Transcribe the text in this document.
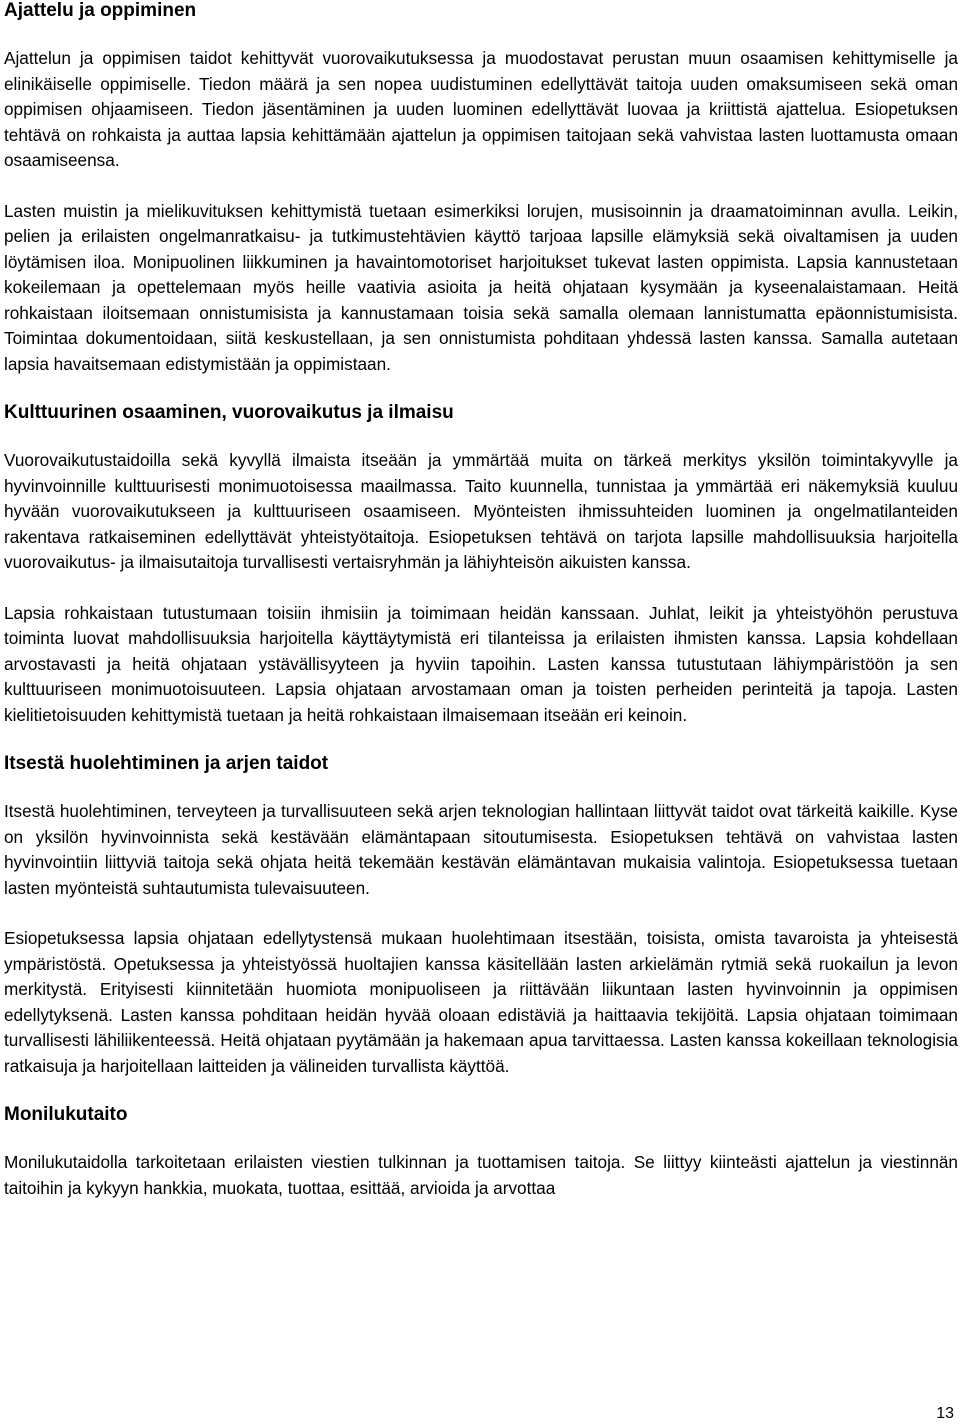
Ajattelu ja oppiminen

Ajattelun ja oppimisen taidot kehittyvät vuorovaikutuksessa ja muodostavat perustan muun osaamisen kehittymiselle ja elinikäiselle oppimiselle. Tiedon määrä ja sen nopea uudistuminen edellyttävät taitoja uuden omaksumiseen sekä oman oppimisen ohjaamiseen. Tiedon jäsentäminen ja uuden luominen edellyttävät luovaa ja kriittistä ajattelua. Esiopetuksen tehtävä on rohkaista ja auttaa lapsia kehittämään ajattelun ja oppimisen taitojaan sekä vahvistaa lasten luottamusta omaan osaamiseensa.

Lasten muistin ja mielikuvituksen kehittymistä tuetaan esimerkiksi lorujen, musisoinnin ja draamatoiminnan avulla. Leikin, pelien ja erilaisten ongelmanratkaisu- ja tutkimustehtävien käyttö tarjoaa lapsille elämyksiä sekä oivaltamisen ja uuden löytämisen iloa. Monipuolinen liikkuminen ja havaintomotoriset harjoitukset tukevat lasten oppimista. Lapsia kannustetaan kokeilemaan ja opettelemaan myös heille vaativia asioita ja heitä ohjataan kysymään ja kyseenalaistamaan. Heitä rohkaistaan iloitsemaan onnistumisista ja kannustamaan toisia sekä samalla olemaan lannistumatta epäonnistumisista. Toimintaa dokumentoidaan, siitä keskustellaan, ja sen onnistumista pohditaan yhdessä lasten kanssa. Samalla autetaan lapsia havaitsemaan edistymistään ja oppimistaan.

Kulttuurinen osaaminen, vuorovaikutus ja ilmaisu

Vuorovaikutustaidoilla sekä kyvyllä ilmaista itseään ja ymmärtää muita on tärkeä merkitys yksilön toimintakyvylle ja hyvinvoinnille kulttuurisesti monimuotoisessa maailmassa. Taito kuunnella, tunnistaa ja ymmärtää eri näkemyksiä kuuluu hyvään vuorovaikutukseen ja kulttuuriseen osaamiseen. Myönteisten ihmissuhteiden luominen ja ongelmatilanteiden rakentava ratkaiseminen edellyttävät yhteistyötaitoja. Esiopetuksen tehtävä on tarjota lapsille mahdollisuuksia harjoitella vuorovaikutus- ja ilmaisutaitoja turvallisesti vertaisryhmän ja lähiyhteisön aikuisten kanssa.

Lapsia rohkaistaan tutustumaan toisiin ihmisiin ja toimimaan heidän kanssaan. Juhlat, leikit ja yhteistyöhön perustuva toiminta luovat mahdollisuuksia harjoitella käyttäytymistä eri tilanteissa ja erilaisten ihmisten kanssa. Lapsia kohdellaan arvostavasti ja heitä ohjataan ystävällisyyteen ja hyviin tapoihin. Lasten kanssa tutustutaan lähiympäristöön ja sen kulttuuriseen monimuotoisuuteen. Lapsia ohjataan arvostamaan oman ja toisten perheiden perinteitä ja tapoja. Lasten kielitietoisuuden kehittymistä tuetaan ja heitä rohkaistaan ilmaisemaan itseään eri keinoin.

Itsestä huolehtiminen ja arjen taidot

Itsestä huolehtiminen, terveyteen ja turvallisuuteen sekä arjen teknologian hallintaan liittyvät taidot ovat tärkeitä kaikille. Kyse on yksilön hyvinvoinnista sekä kestävään elämäntapaan sitoutumisesta. Esiopetuksen tehtävä on vahvistaa lasten hyvinvointiin liittyviä taitoja sekä ohjata heitä tekemään kestävän elämäntavan mukaisia valintoja. Esiopetuksessa tuetaan lasten myönteistä suhtautumista tulevaisuuteen.

Esiopetuksessa lapsia ohjataan edellytystensä mukaan huolehtimaan itsestään, toisista, omista tavaroista ja yhteisestä ympäristöstä. Opetuksessa ja yhteistyössä huoltajien kanssa käsitellään lasten arkielämän rytmiä sekä ruokailun ja levon merkitystä. Erityisesti kiinnitetään huomiota monipuoliseen ja riittävään liikuntaan lasten hyvinvoinnin ja oppimisen edellytyksenä. Lasten kanssa pohditaan heidän hyvää oloaan edistäviä ja haittaavia tekijöitä. Lapsia ohjataan toimimaan turvallisesti lähiliikenteessä. Heitä ohjataan pyytämään ja hakemaan apua tarvittaessa. Lasten kanssa kokeillaan teknologisia ratkaisuja ja harjoitellaan laitteiden ja välineiden turvallista käyttöä.

Monilukutaito

Monilukutaidolla tarkoitetaan erilaisten viestien tulkinnan ja tuottamisen taitoja. Se liittyy kiinteästi ajattelun ja viestinnän taitoihin ja kykyyn hankkia, muokata, tuottaa, esittää, arvioida ja arvottaa

13
